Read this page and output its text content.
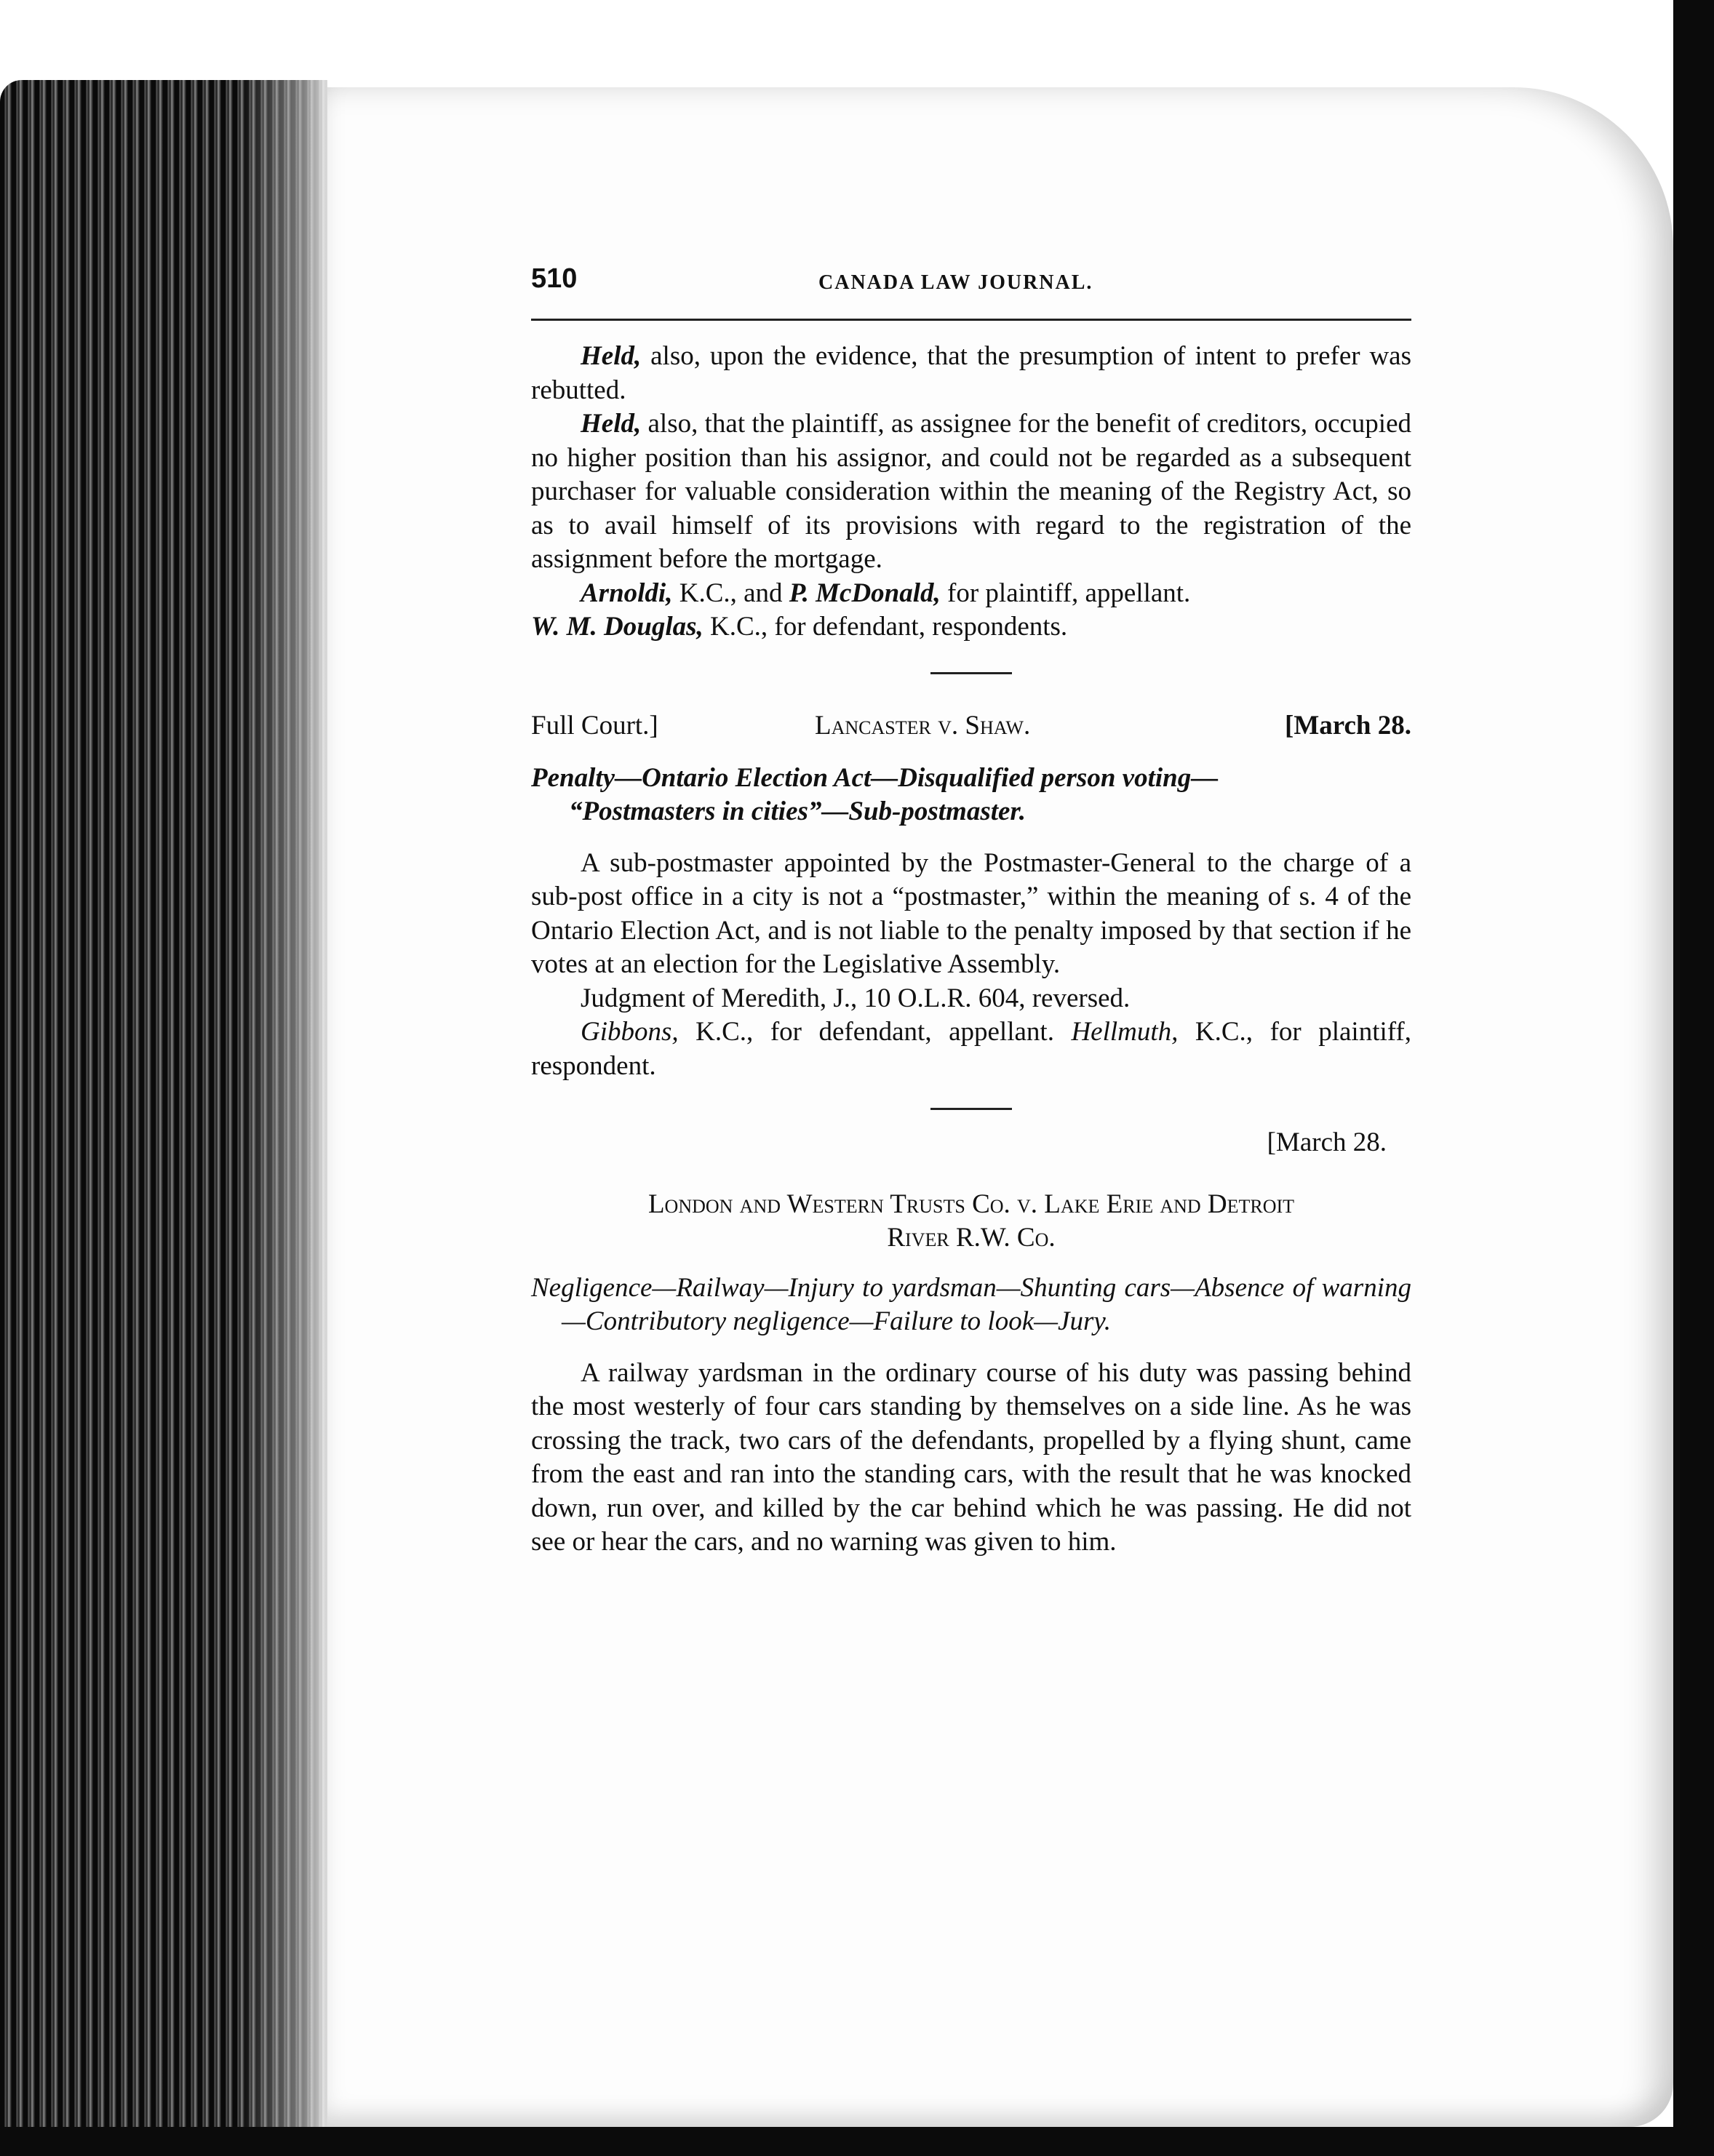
510	CANADA LAW JOURNAL.

Held, also, upon the evidence, that the presumption of intent to prefer was rebutted.

Held, also, that the plaintiff, as assignee for the benefit of creditors, occupied no higher position than his assignor, and could not be regarded as a subsequent purchaser for valuable consideration within the meaning of the Registry Act, so as to avail himself of its provisions with regard to the registration of the assignment before the mortgage.

Arnoldi, K.C., and P. McDonald, for plaintiff, appellant.

W. M. Douglas, K.C., for defendant, respondents.

Full Court.]	Lancaster v. Shaw.	[March 28.
Penalty—Ontario Election Act—Disqualified person voting—
“Postmasters in cities”—Sub-postmaster.

A sub-postmaster appointed by the Postmaster-General to the charge of a sub-post office in a city is not a “postmaster,” within the meaning of s. 4 of the Ontario Election Act, and is not liable to the penalty imposed by that section if he votes at an election for the Legislative Assembly.

Judgment of Meredith, J., 10 O.L.R. 604, reversed.

Gibbons, K.C., for defendant, appellant. Hellmuth, K.C., for plaintiff, respondent.

[March 28.
London and Western Trusts Co. v. Lake Erie and Detroit
River R.W. Co.

Negligence—Railway—Injury to yardsman—Shunting cars—Absence of warning—Contributory negligence—Failure to look—Jury.

A railway yardsman in the ordinary course of his duty was passing behind the most westerly of four cars standing by themselves on a side line. As he was crossing the track, two cars of the defendants, propelled by a flying shunt, came from the east and ran into the standing cars, with the result that he was knocked down, run over, and killed by the car behind which he was passing. He did not see or hear the cars, and no warning was given to him.
